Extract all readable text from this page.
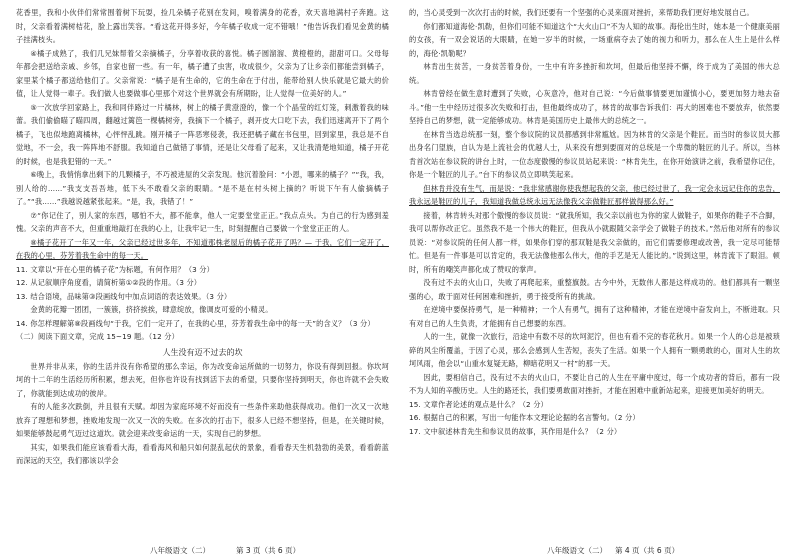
花香里，我和小伙伴们常常围着树下玩耍，捡几朵橘子花别在发间，嗅着满身的花香，欢天喜地满村子奔跑。这时，父亲看着满树桔花，脸上露出笑容。“看这花开得多好，今年橘子收成一定不错哦！”他告诉我们看见金黄的橘子挂满枝头。

④橘子成熟了，我们几兄妹帮着父亲摘橘子，分享着收获的喜悦。橘子圆溜溜、黄橙橙的，甜甜可口。父母每年都会把送给亲戚、乡邻，自家也留一些。有一年，橘子遭了虫害，收成很少，父亲为了让乡亲们都能尝到橘子，家里某个橘子都送给他们了。父亲常说：“橘子是有生命的，它的生命在于付出，能带给别人快乐就是它最大的价值，让人觉得一辈子。我们做人也要做事心里那个对这个世界就会有所期盼，让人觉得一位美好的人。”

⑤一次放学回家路上，我和同伴路过一片橘林，树上的橘子黄澄澄的，像一个个晶莹的红灯笼，刺激着我的味蕾。我们偷偷瞄了瞄四周，翻越过篱笆一棵橘树旁，我摘下一个橘子，剥开皮大口吃下去，我们迅速离开下了两个橘子，飞也似地跑离橘林，心怦怦乱跳。刚开橘子一阵恶寒侵袭，我还把橘子藏在书包里，回到家里，我总是不自觉地，不一会，我一阵阵地不舒服。我知道自己做错了事情，还是让父母看了起来，又让我清楚地知道，橘子开花的时候，也是我犯错的一天。”

⑥晚上，我悄悄拿出剩下的几颗橘子，不巧被进屋的父亲发现。他沉着脸问：“小恩，哪来的橘子？”“我，我，别人给的……”我支支吾吾地，低下头不敢看父亲的眼睛。“是不是在村头树上摘的？听说下午有人偷摘橘子了。”“我……”我越说越紧张起来。“是，我，我错了！”

⑦“你记住了，别人家的东西，哪怕不大，都不能拿，他人一定要堂堂正正。”我点点头。为自己的行为感到羞愧。父亲的声音不大，但重重地敲打在我的心上，让我牢记一生，时刻提醒自己要做一个堂堂正正的人。

⑧橘子花开了一年又一年，父亲已经过世多年，不知道那株老屋后的橘子花开了吗？— 于我，它们一定开了，在我的心里，芬芳着我生命中的每一天。

11. 文章以“开在心里的橘子花”为标题，有何作用？（3 分）

12. 从记叙顺序角度看，请简析第①②段的作用。（3 分）

13. 结合语境，品味第③段画线句中加点词语的表达效果。（3 分）

金黄的花瓣一团团，一簇簇，挤挤挨挨，肆意绽放，像调皮可爱的小精灵。

14. 你怎样理解第⑧段画线句“于我，它们一定开了，在我的心里，芬芳着我生命中的每一天”的含义？（3 分）

（二）阅读下面文章，完成 15~19 题。（12 分）

人生没有迈不过去的坎

世界并非从来，你的生活并没有你希望的那么幸运，你为改变命运所做的一切努力，你设有得到回报。你坎坷坷的十二年的生活经历所积累，想去死，但你也许设有找到活下去的希望，只要你坚持到明天，你也许就不会失败了，你就能到达成功的彼岸。

有的人能多次跌倒，并且很有天赋。却因为家庭环境不好而没有一些条件来助他获得成功。他们一次又一次地放弃了理想和梦想，挫败地发现一次又一次的失败。在多次的打击下，很多人已经不想坚持，但是，在关键时候，如果能够鼓起勇气迈过这道坎。就会迎来改变命运的一天，实现自己的梦想。

其实，如果我们能应该看看大海，看看海风和船只如何混乱起伏的景象，看看春天生机勃勃的美景，看看蔚蓝而深远的天空，我们都该以学会

八年级语文（二）	第 3 页（共 6 页）

的，当心灵受到一次次打击的时候，我们还要有一个坚强的心灵来面对挫折，来帮助我们更好地发展自己。

你们都知道海伦·凯勒，但你们可能不知道这个“大火山口”不为人知的故事。海伦出生时，她本是一个健康美丽的女孩，有一双会说话的大眼睛，在她一岁半的时候，一场重病夺去了她的视力和听力，那么在人生上是什么样的，海伦·凯勒呢？

林肯出生贫苦，一身贫苦着身份，一生中有许多挫折和坎坷，但最后他坚持不懈，终于成为了美国的伟大总统。

林肯曾经在做生意时遭到了失败，心灰意冷，他对自己说：“今后做事情要更加谨慎小心，要更加努力地去奋斗。”他一生中经历过很多次失败和打击，但他最终成功了，林肯的故事告诉我们：再大的困难也不要放弃，依然要坚持自己的梦想，就一定能够成功。林肯是美国历史上最伟大的总统之一。

在林肯当选总统那一刻，整个参议院的议员都感到非常尴尬。因为林肯的父亲是个鞋匠。而当时的参议员大都出身名门望族，自认为是上流社会的优越人士，从来没有想到要面对的总统是一个卑微的鞋匠的儿子。所以，当林肯首次站在参议院的讲台上时，一位态度傲慢的参议员站起来说：“林肯先生，在你开始演讲之前，我希望你记住，你是一个鞋匠的儿子。”台下的参议员立即哄笑起来。

但林肯并没有生气，而是说：“我非常感谢你使我想起我的父亲，他已经过世了，我一定会永远记住你的忠告，我永远是鞋匠的儿子，我知道我做总统永远无法像我父亲做鞋匠那样做得那么好。”

接着，林肯转头对那个傲慢的参议员说：“就我所知，我父亲以前也为你的家人做鞋子，如果你的鞋子不合脚，我可以帮你改正它。虽然我不是一个伟大的鞋匠，但我从小就跟随父亲学会了做鞋子的技术。”然后他对所有的参议员说：“对参议院的任何人都一样，如果你们穿的那双鞋是我父亲做的，而它们需要修理或改善，我一定尽可能帮忙。但是有一件事是可以肯定的，我无法像他那么伟大，他的手艺是无人能比的。”说到这里，林肯流下了眼泪。顿时，所有的嘲笑声都化成了赞叹的掌声。

没有过不去的火山口，失败了再爬起来，重整旗鼓。古今中外，无数伟人都是这样成功的。他们都具有一颗坚强的心，敢于面对任何困难和挫折，勇于接受所有的挑战。

在逆境中要保持勇气，是一种精神；一个人有勇气，拥有了这种精神，才能在逆境中奋发向上，不断进取。只有对自己的人生负责，才能拥有自己想要的东西。

人的一生，就像一次旅行，沿途中有数不尽的坎坷泥泞，但也有看不完的春花秋月。如果一个人的心总是被琐碎的风尘所覆盖，于因了心灵，那么会感到人生苦短，丧失了生活。如果一个人拥有一颗勇敢的心，面对人生的坎坷风雨，他会以“山重水复疑无路，柳暗花明又一村”的那一天。

因此，要相信自己，没有过不去的火山口，不要让自己的人生在平庸中度过，每一个成功者的背后，都有一段不为人知的辛酸历史。人生的路还长，我们要勇敢面对挫折，才能在困难中重新站起来，迎接更加美好的明天。

15. 文章作者论述的观点是什么？（2 分）

16. 根据自己的积累，写出一句能作本文理论论据的名言警句。（2 分）

17. 文中叙述林肯先生和参议员的故事，其作用是什么？（2 分）

八年级语文（二） 第 4 页（共 6 页）
